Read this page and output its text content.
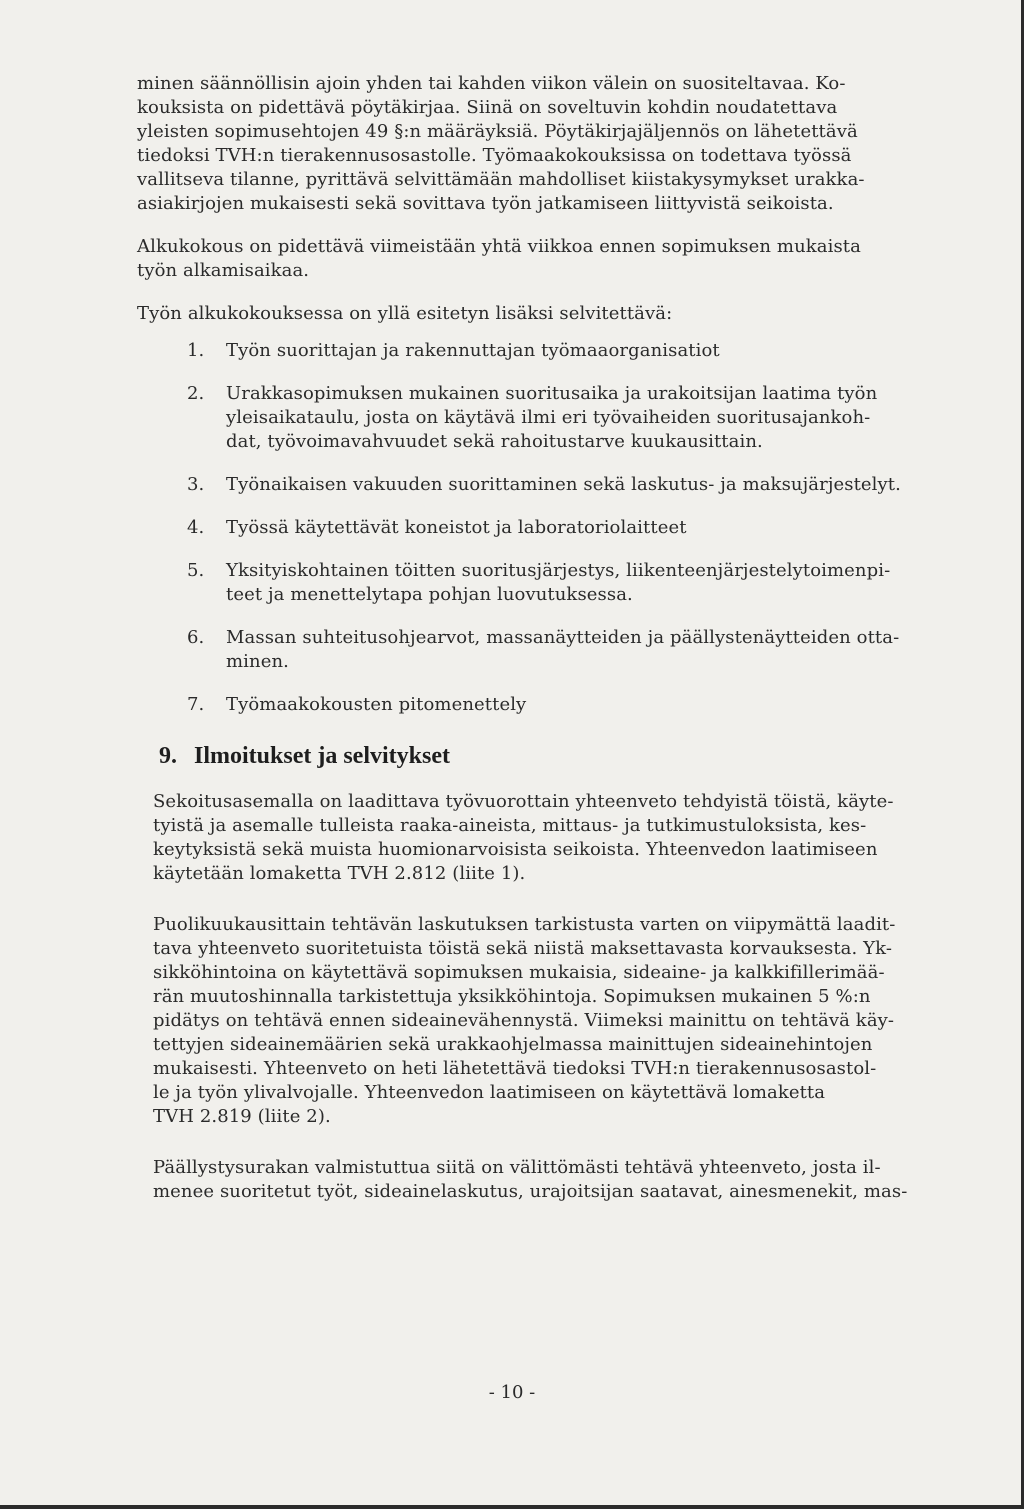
minen säännöllisin ajoin yhden tai kahden viikon välein on suositeltavaa. Ko-
kouksista on pidettävä pöytäkirjaa. Siinä on soveltuvin kohdin noudatettava
yleisten sopimusehtojen 49 §:n määräyksiä. Pöytäkirjajäljennös on lähetettävä
tiedoksi TVH:n tierakennusosastolle. Työmaakokouksissa on todettava työssä
vallitseva tilanne, pyrittävä selvittämään mahdolliset kiistakysymykset urakka-
asiakirjojen mukaisesti sekä sovittava työn jatkamiseen liittyvistä seikoista.

Alkukokous on pidettävä viimeistään yhtä viikkoa ennen sopimuksen mukaista
työn alkamisaikaa.

Työn alkukokouksessa on yllä esitetyn lisäksi selvitettävä:

1. Työn suorittajan ja rakennuttajan työmaaorganisatiot
2. Urakkasopimuksen mukainen suoritusaika ja urakoitsijan laatima työn
yleisaikataulu, josta on käytävä ilmi eri työvaiheiden suoritusajankoh-
dat, työvoimavahvuudet sekä rahoitustarve kuukausittain.
3. Työnaikaisen vakuuden suorittaminen sekä laskutus- ja maksujärjestelyt.
4. Työssä käytettävät koneistot ja laboratoriolaitteet
5. Yksityiskohtainen töitten suoritusjärjestys, liikenteenjärjestelytoimenpi-
teet ja menettelytapa pohjan luovutuksessa.
6. Massan suhteitusohjearvot, massanäytteiden ja päällystenäytteiden otta-
minen.
7. Työmaakokousten pitomenettely
9. Ilmoitukset ja selvitykset

Sekoitusasemalla on laadittava työvuorottain yhteenveto tehdyistä töistä, käyte-
tyistä ja asemalle tulleista raaka-aineista, mittaus- ja tutkimustuloksista, kes-
keytyksistä sekä muista huomionarvoisista seikoista. Yhteenvedon laatimiseen
käytetään lomaketta TVH 2.812 (liite 1).

Puolikuukausittain tehtävän laskutuksen tarkistusta varten on viipymättä laadit-
tava yhteenveto suoritetuista töistä sekä niistä maksettavasta korvauksesta. Yk-
sikköhintoina on käytettävä sopimuksen mukaisia, sideaine- ja kalkkifillerimää-
rän muutoshinnalla tarkistettuja yksikköhintoja. Sopimuksen mukainen 5 %:n
pidätys on tehtävä ennen sideainevähennystä. Viimeksi mainittu on tehtävä käy-
tettyjen sideainemäärien sekä urakkaohjelmassa mainittujen sideainehintojen
mukaisesti. Yhteenveto on heti lähetettävä tiedoksi TVH:n tierakennusosastol-
le ja työn ylivalvojalle. Yhteenvedon laatimiseen on käytettävä lomaketta
TVH 2.819 (liite 2).

Päällystysurakan valmistuttua siitä on välittömästi tehtävä yhteenveto, josta il-
menee suoritetut työt, sideainelaskutus, urajoitsijan saatavat, ainesmenekit, mas-

- 10 -
